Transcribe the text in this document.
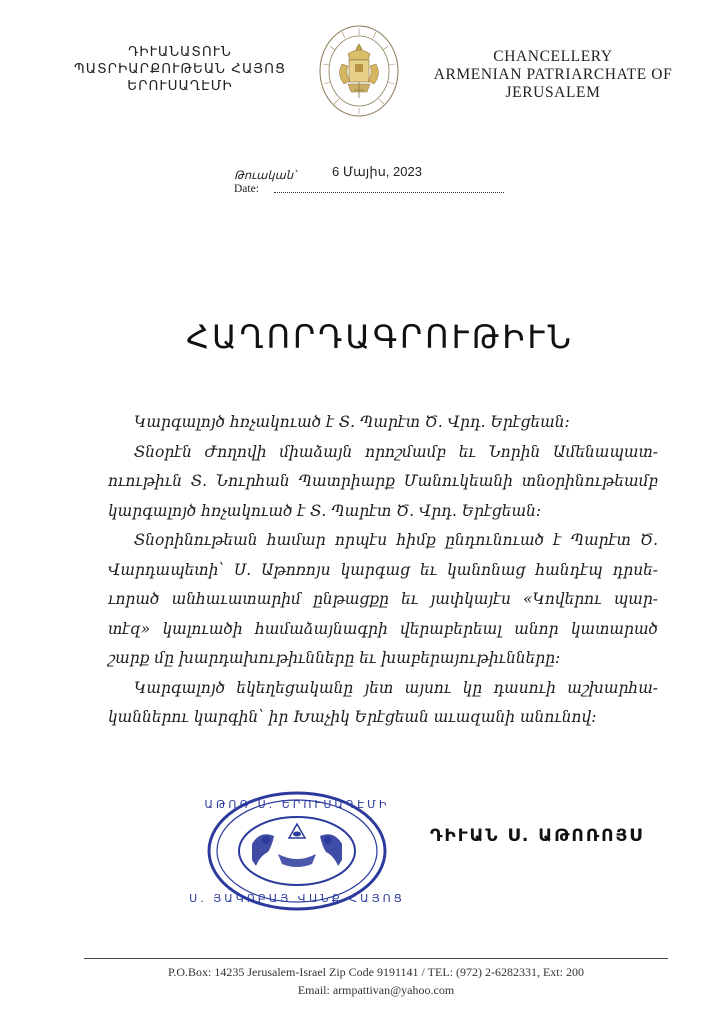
ԴԻՒԱՆԱՏՈՒՆ
ՊԱՏՐԻԱՐՔՈՒԹԵԱՆ ՀԱՅՈՑ
ԵՐՈՒՍԱՂԷՄԻ
CHANCELLERY
ARMENIAN PATRIARCHATE OF
JERUSALEM
Թուական՝	6 Մայիս, 2023
Date:
ՀԱՂՈՐԴԱԳՐՈՒԹԻՒՆ
Կարգալոյծ հռչակուած է Տ. Պարէտ Ծ. Վրդ. Երէցեան:
Տնօրէն Ժողովի միաձայն որոշմամբ եւ Նորին Ամենապատ-
ուութիւն Տ. Նուրհան Պատրիարք Մանուկեանի տնօրինութեամբ
կարգալոյծ հռչակուած է Տ. Պարէտ Ծ. Վրդ. Երէցեան:
Տնօրինութեան համար որպէս հիմք ընդունուած է Պարէտ Ծ.
Վարդապետի՝ Ս. Աթոռոյս կարգաց եւ կանոնաց հանդէպ դրսե-
ւորած անհաւատարիմ ընթացքը եւ յափկայէս «Կովերու պար-
տէզ» կալուածի համաձայնագրի վերաբերեալ անոր կատարած
շարք մը խարդախութիւնները եւ խաբերայութիւնները:
Կարգալոյծ եկեղեցականը յետ այսու կը դասուի աշխարհա-
կաններու կարգին՝ իր Խաչիկ Երէցեան աւազանի անունով:
ԱԹՈՌ Ս. ԵՐՈՒՍԱՂԷՄԻ
Ս. ՅԱԿՈԲԱՅ ՎԱՆՔ ՀԱՅՈՑ
ԴԻՒԱՆ Ս. ԱԹՈՌՈՅՍ
P.O.Box: 14235 Jerusalem-Israel Zip Code 9191141 / TEL: (972) 2-6282331, Ext: 200
Email: armpattivan@yahoo.com
